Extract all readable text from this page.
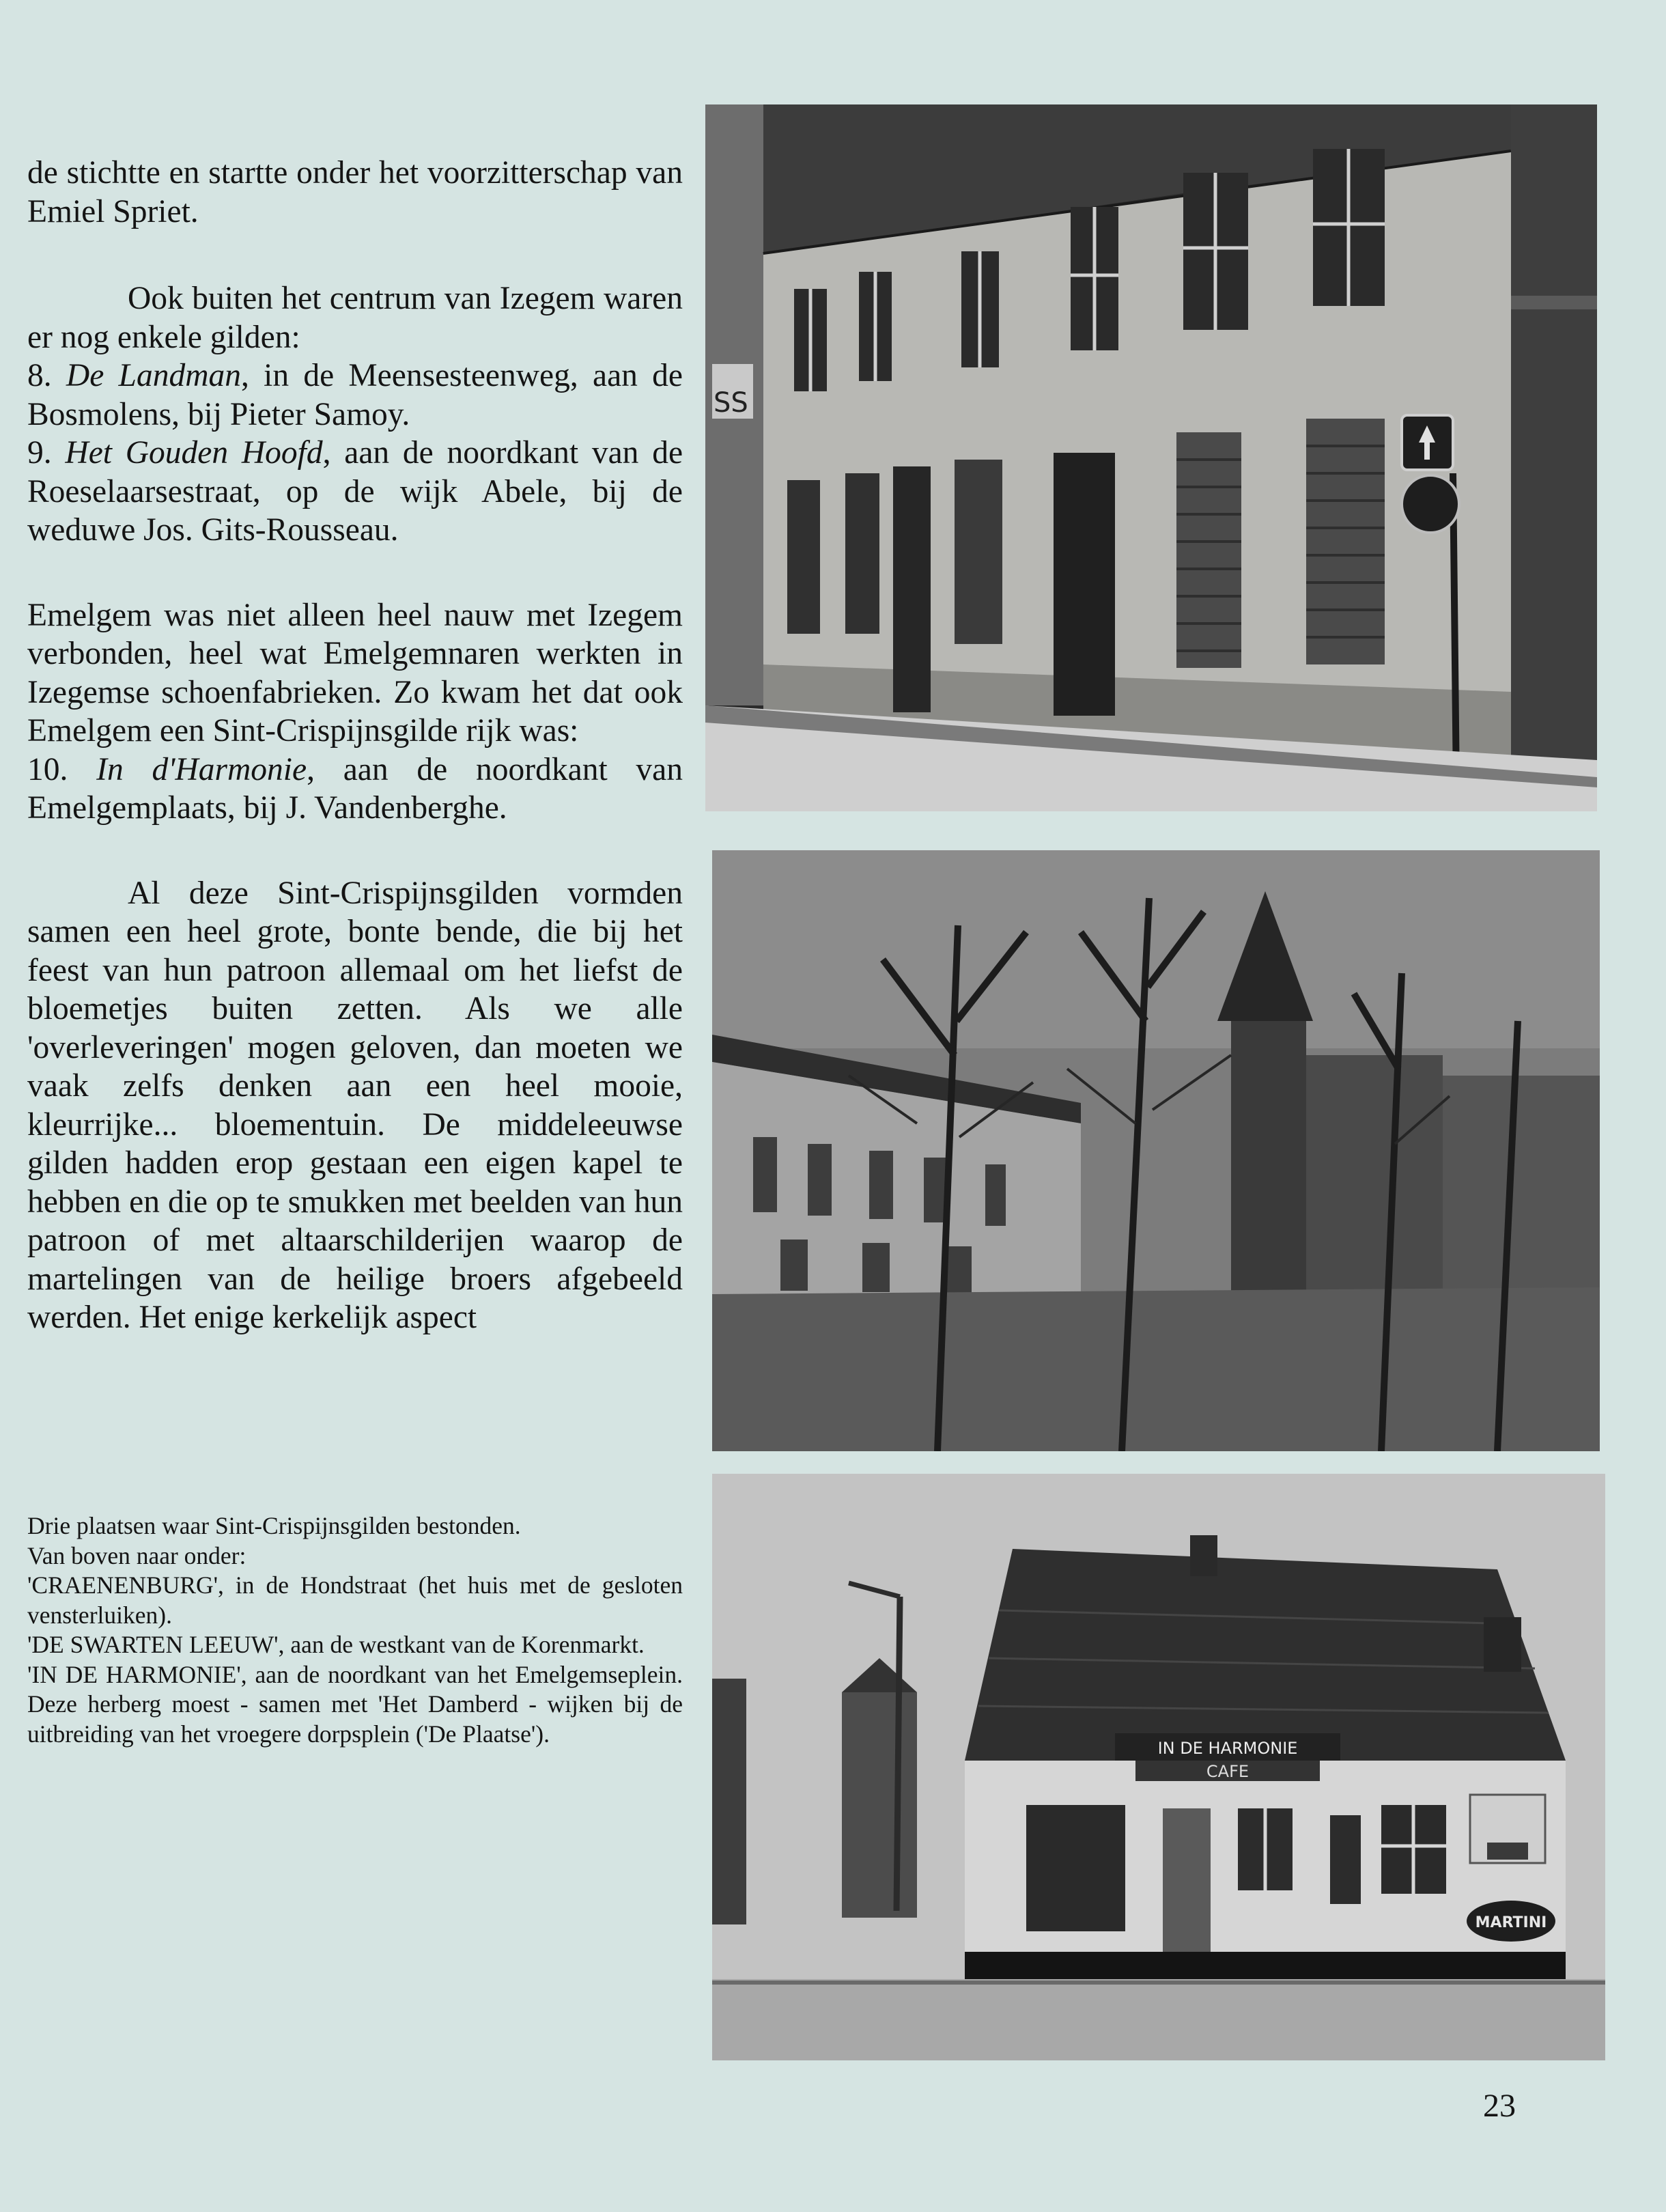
de stichtte en startte onder het voorzitterschap van Emiel Spriet.

Ook buiten het centrum van Izegem waren er nog enkele gilden:

8. De Landman, in de Meensesteenweg, aan de Bosmolens, bij Pieter Samoy.

9. Het Gouden Hoofd, aan de noordkant van de Roeselaarsestraat, op de wijk Abele, bij de weduwe Jos. Gits-Rousseau.

Emelgem was niet alleen heel nauw met Izegem verbonden, heel wat Emelgemnaren werkten in Izegemse schoenfabrieken. Zo kwam het dat ook Emelgem een Sint-Crispijnsgilde rijk was:

10. In d'Harmonie, aan de noordkant van Emelgemplaats, bij J. Vandenberghe.

Al deze Sint-Crispijnsgilden vormden samen een heel grote, bonte bende, die bij het feest van hun patroon allemaal om het liefst de bloemetjes buiten zetten. Als we alle 'overleveringen' mogen geloven, dan moeten we vaak zelfs denken aan een heel mooie, kleurrijke... bloementuin. De middeleeuwse gilden hadden erop gestaan een eigen kapel te hebben en die op te smukken met beelden van hun patroon of met altaarschilderijen waarop de martelingen van de heilige broers afgebeeld werden. Het enige kerkelijk aspect

Drie plaatsen waar Sint-Crispijnsgilden bestonden.

Van boven naar onder:

'CRAENENBURG', in de Hondstraat (het huis met de gesloten vensterluiken).

'DE SWARTEN LEEUW', aan de westkant van de Korenmarkt.

'IN DE HARMONIE', aan de noordkant van het Emelgemseplein. Deze herberg moest - samen met 'Het Damberd - wijken bij de uitbreiding van het vroegere dorpsplein ('De Plaatse').

SS
IN DE HARMONIE
CAFE
MARTINI
23
